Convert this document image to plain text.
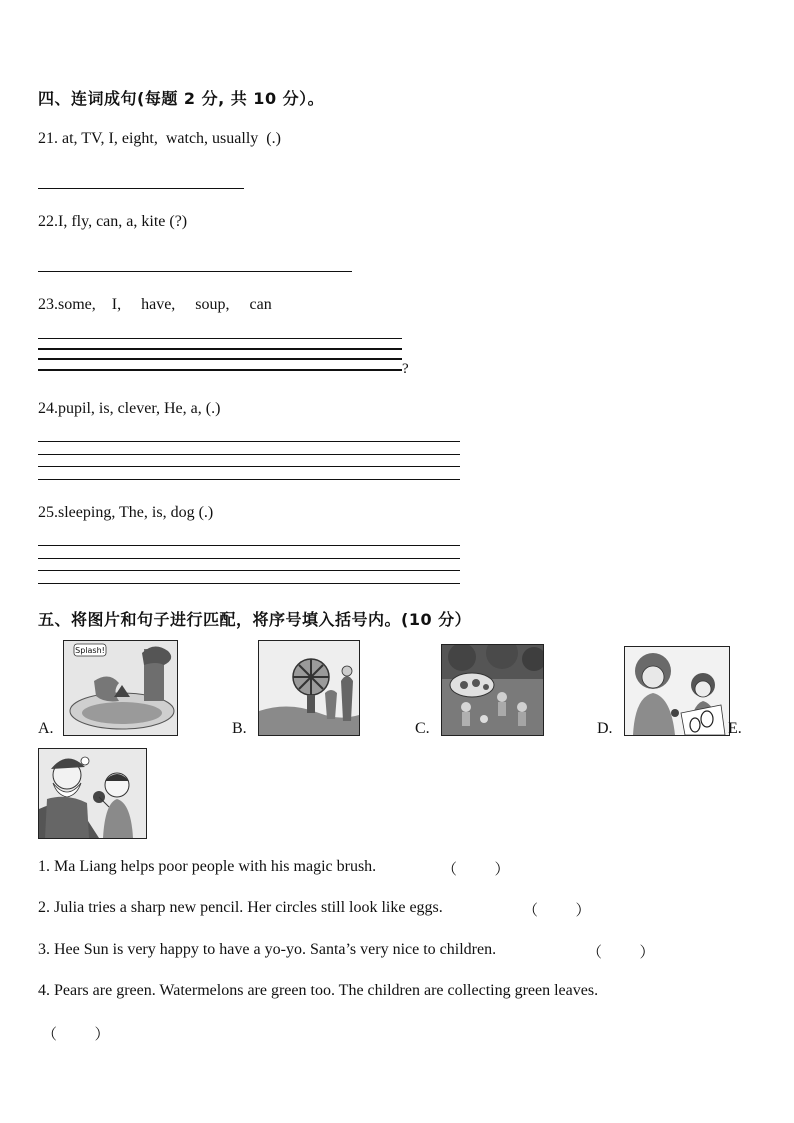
四、连词成句(每题 2 分, 共 10 分）。
21. at, TV, I, eight,  watch, usually  (.)
22.I, fly, can, a, kite (?)
23.some,    I,     have,     soup,     can
?
24.pupil, is, clever, He, a, (.)
25.sleeping, The, is, dog (.)
五、将图片和句子进行匹配，将序号填入括号内。(10 分）
A.
Splash!
B.	C.	D.	E.
1. Ma Liang helps poor people with his magic brush.	（          ）
2. Julia tries a sharp new pencil. Her circles still look like eggs.	（          ）
3. Hee Sun is very happy to have a yo-yo. Santa’s very nice to children.	（          ）
4. Pears are green. Watermelons are green too. The children are collecting green leaves.
（          ）
